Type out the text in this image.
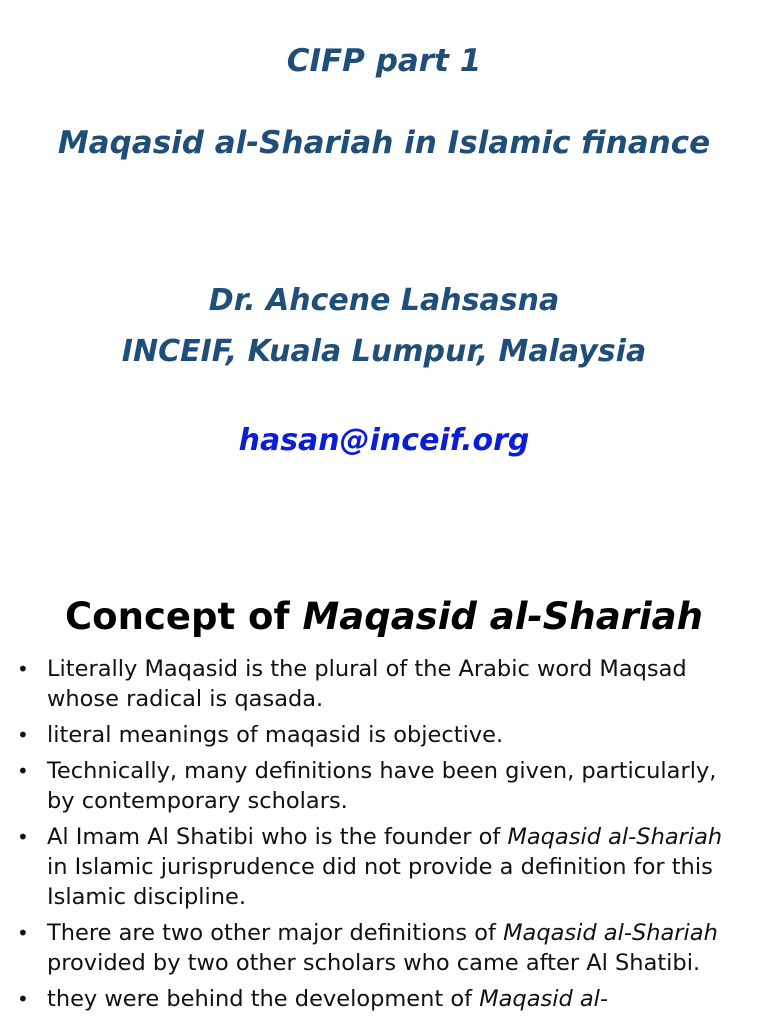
CIFP part 1

Maqasid al-Shariah in Islamic finance

Dr. Ahcene Lahsasna

INCEIF, Kuala Lumpur, Malaysia

hasan@inceif.org

Concept of Maqasid al-Shariah
• Literally Maqasid is the plural of the Arabic word Maqsad whose radical is qasada.
• literal meanings of maqasid is objective.
• Technically, many definitions have been given, particularly, by contemporary scholars.
• Al Imam Al Shatibi who is the founder of Maqasid al-Shariah in Islamic jurisprudence did not provide a definition for this Islamic discipline.
• There are two other major definitions of Maqasid al-Shariah provided by two other scholars who came after Al Shatibi.
• they were behind the development of Maqasid al-
